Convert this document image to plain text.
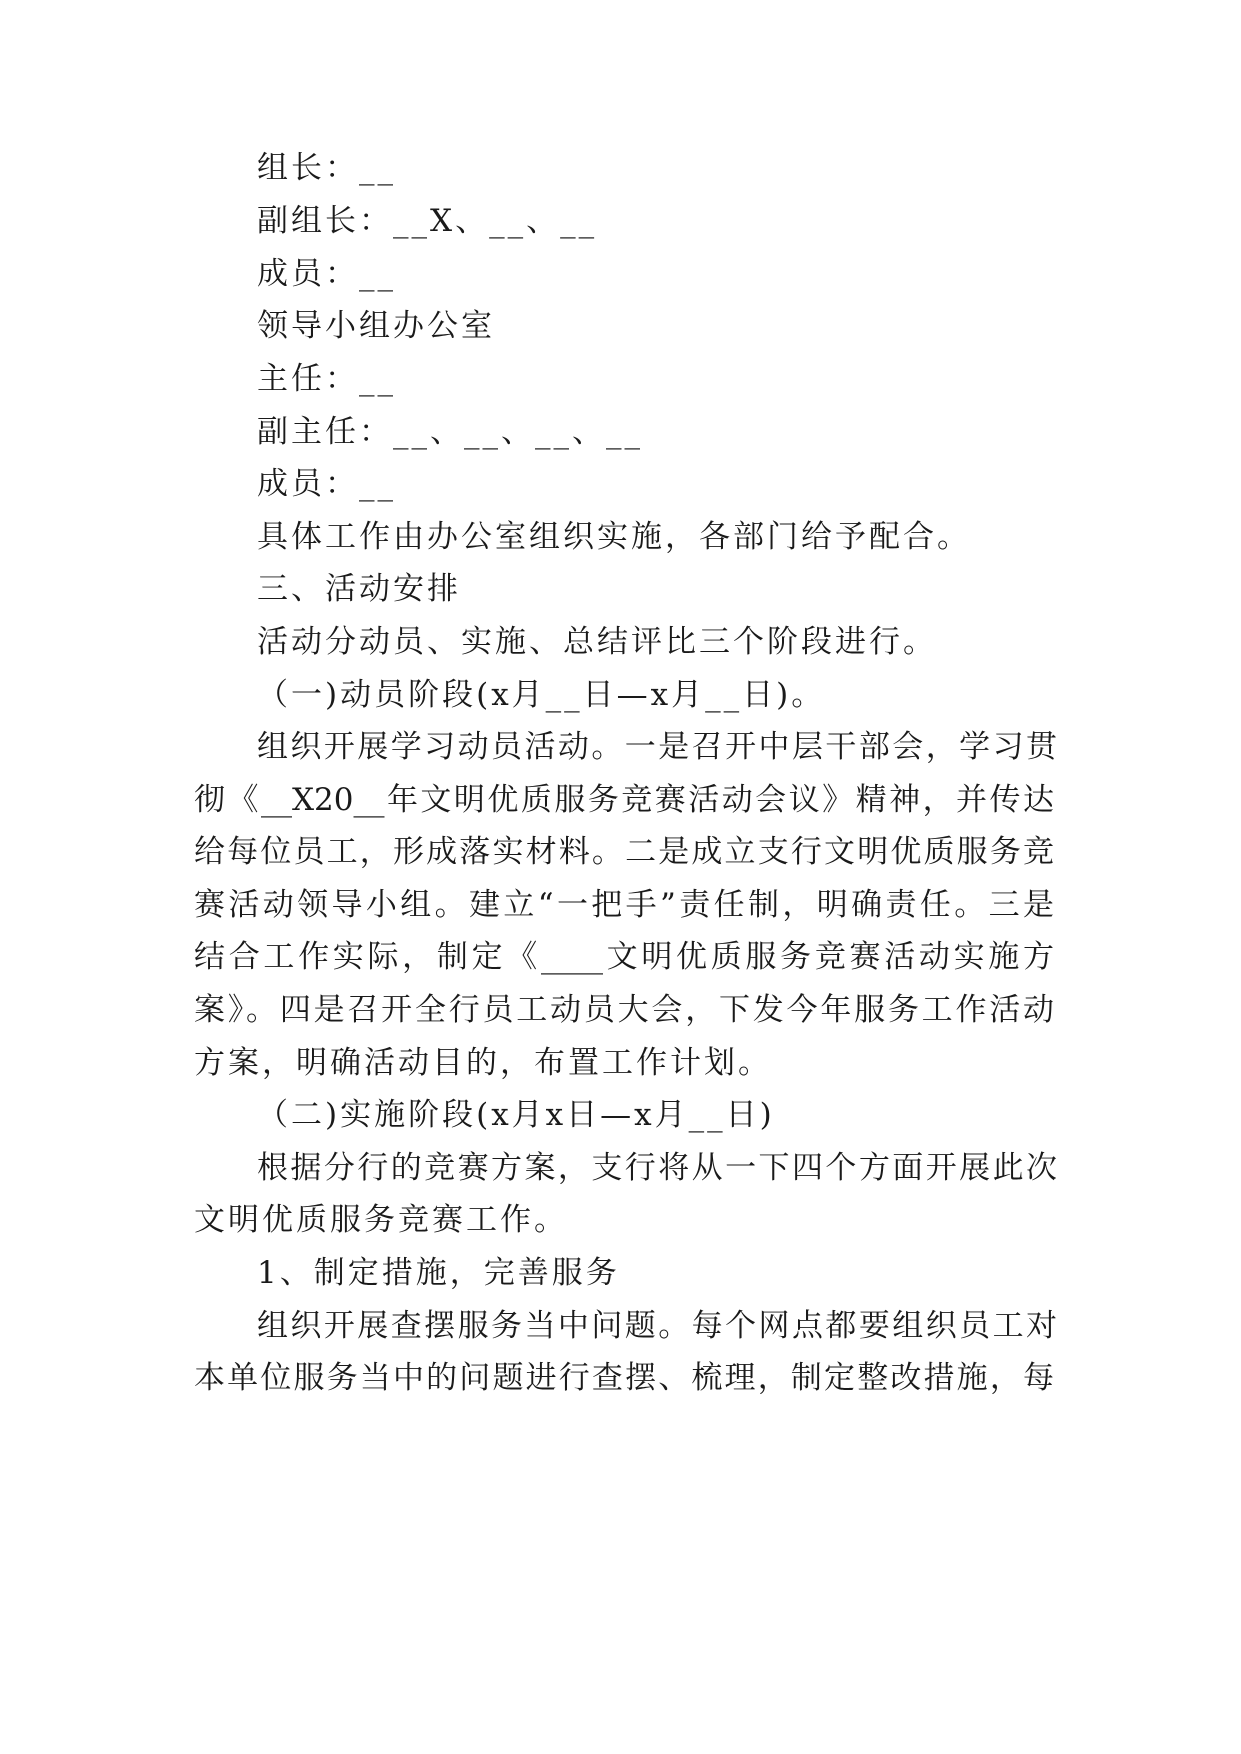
组长：__
副组长：__X、__、__
成员：__
领导小组办公室
主任：__
副主任：__、__、__、__
成员：__
具体工作由办公室组织实施，各部门给予配合。
三、活动安排
活动分动员、实施、总结评比三个阶段进行。
（一)动员阶段(x月__日—x月__日)。
组织开展学习动员活动。一是召开中层干部会，学习贯
彻《__X20__年文明优质服务竞赛活动会议》精神，并传达
给每位员工，形成落实材料。二是成立支行文明优质服务竞
赛活动领导小组。建立“一把手”责任制，明确责任。三是
结合工作实际，制定《____文明优质服务竞赛活动实施方
案》。四是召开全行员工动员大会，下发今年服务工作活动
方案，明确活动目的，布置工作计划。
（二)实施阶段(x月x日—x月__日)
根据分行的竞赛方案，支行将从一下四个方面开展此次
文明优质服务竞赛工作。
1、制定措施，完善服务
组织开展查摆服务当中问题。每个网点都要组织员工对
本单位服务当中的问题进行查摆、梳理，制定整改措施，每
